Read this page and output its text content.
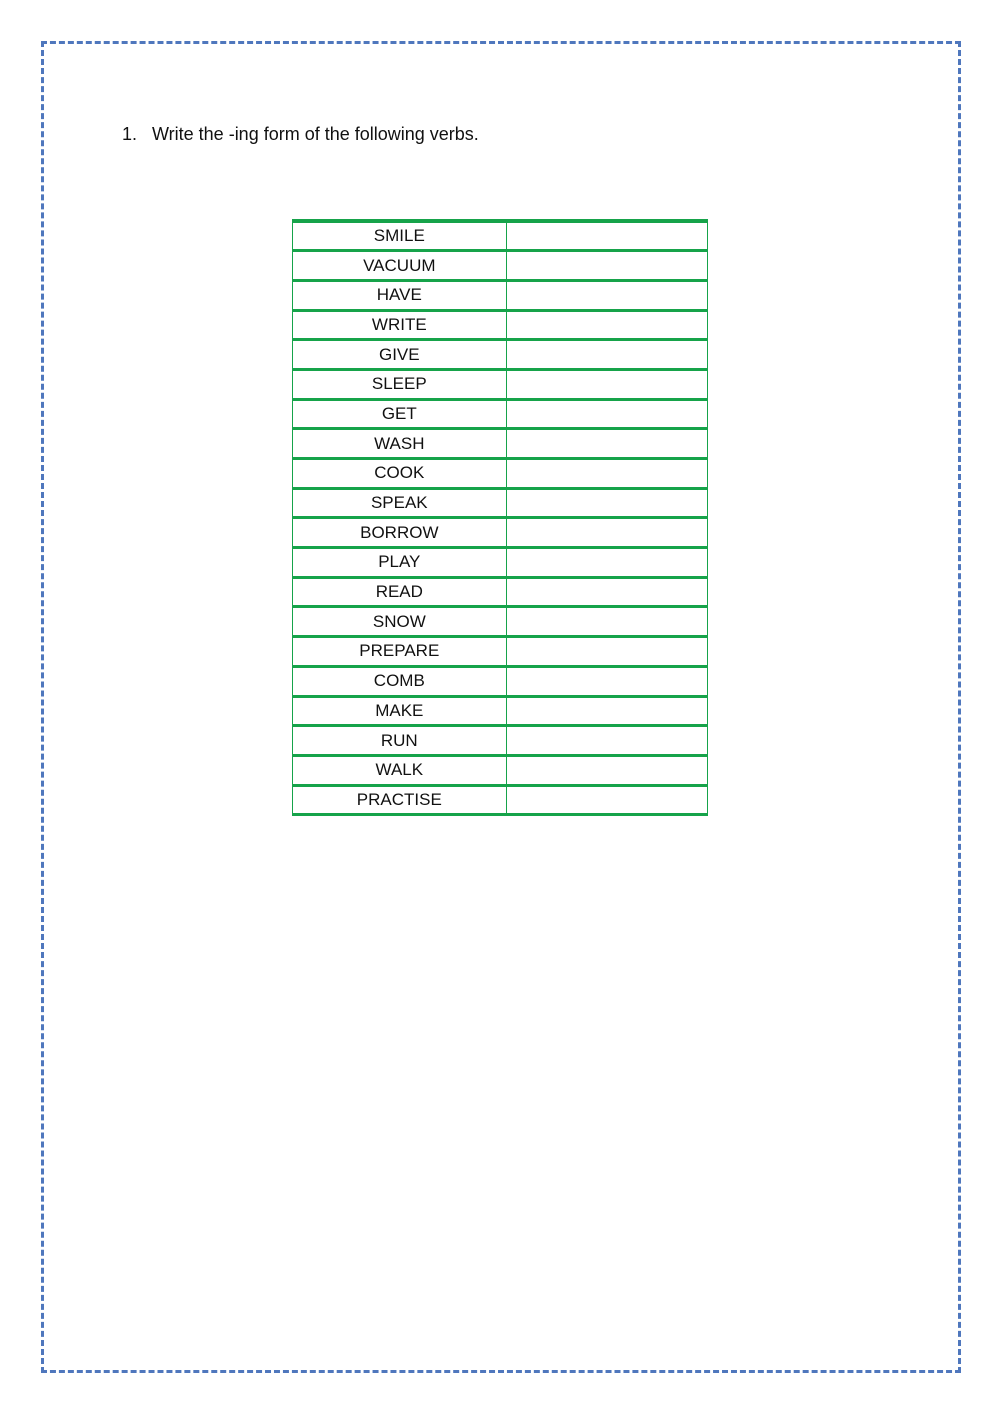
1. Write the -ing form of the following verbs.
SMILE	
VACUUM	
HAVE	
WRITE	
GIVE	
SLEEP	
GET	
WASH	
COOK	
SPEAK	
BORROW	
PLAY	
READ	
SNOW	
PREPARE	
COMB	
MAKE	
RUN	
WALK	
PRACTISE	
